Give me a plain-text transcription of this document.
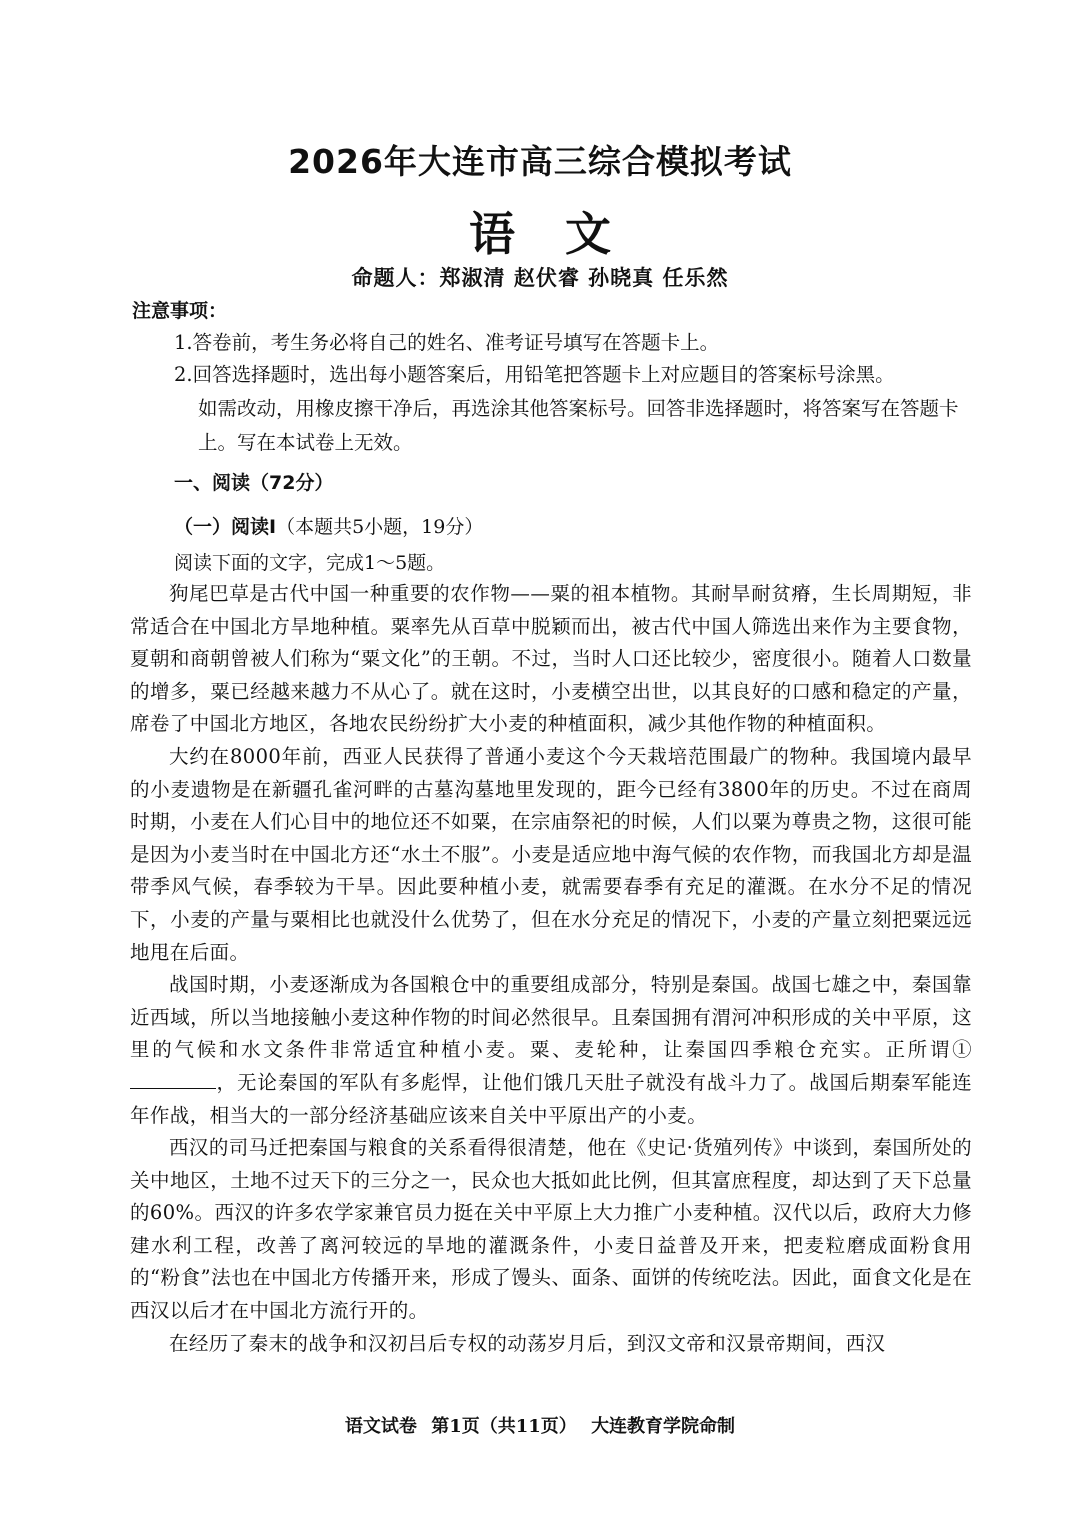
2026年大连市高三综合模拟考试
语文
命题人：郑淑清 赵伏睿 孙晓真 任乐然
注意事项：
1.答卷前，考生务必将自己的姓名、准考证号填写在答题卡上。
2.回答选择题时，选出每小题答案后，用铅笔把答题卡上对应题目的答案标号涂黑。
如需改动，用橡皮擦干净后，再选涂其他答案标号。回答非选择题时，将答案写在答题卡上。写在本试卷上无效。
一、阅读（72分）
（一）阅读Ⅰ（本题共5小题，19分）
阅读下面的文字，完成1～5题。

狗尾巴草是古代中国一种重要的农作物——粟的祖本植物。其耐旱耐贫瘠，生长周期短，非常适合在中国北方旱地种植。粟率先从百草中脱颖而出，被古代中国人筛选出来作为主要食物，夏朝和商朝曾被人们称为“粟文化”的王朝。不过，当时人口还比较少，密度很小。随着人口数量的增多，粟已经越来越力不从心了。就在这时，小麦横空出世，以其良好的口感和稳定的产量，席卷了中国北方地区，各地农民纷纷扩大小麦的种植面积，减少其他作物的种植面积。

大约在8000年前，西亚人民获得了普通小麦这个今天栽培范围最广的物种。我国境内最早的小麦遗物是在新疆孔雀河畔的古墓沟墓地里发现的，距今已经有3800年的历史。不过在商周时期，小麦在人们心目中的地位还不如粟，在宗庙祭祀的时候，人们以粟为尊贵之物，这很可能是因为小麦当时在中国北方还“水土不服”。小麦是适应地中海气候的农作物，而我国北方却是温带季风气候，春季较为干旱。因此要种植小麦，就需要春季有充足的灌溉。在水分不足的情况下，小麦的产量与粟相比也就没什么优势了，但在水分充足的情况下，小麦的产量立刻把粟远远地甩在后面。

战国时期，小麦逐渐成为各国粮仓中的重要组成部分，特别是秦国。战国七雄之中，秦国靠近西域，所以当地接触小麦这种作物的时间必然很早。且秦国拥有渭河冲积形成的关中平原，这里的气候和水文条件非常适宜种植小麦。粟、麦轮种，让秦国四季粮仓充实。正所谓①，无论秦国的军队有多彪悍，让他们饿几天肚子就没有战斗力了。战国后期秦军能连年作战，相当大的一部分经济基础应该来自关中平原出产的小麦。

西汉的司马迁把秦国与粮食的关系看得很清楚，他在《史记·货殖列传》中谈到，秦国所处的关中地区，土地不过天下的三分之一，民众也大抵如此比例，但其富庶程度，却达到了天下总量的60%。西汉的许多农学家兼官员力挺在关中平原上大力推广小麦种植。汉代以后，政府大力修建水利工程，改善了离河较远的旱地的灌溉条件，小麦日益普及开来，把麦粒磨成面粉食用的“粉食”法也在中国北方传播开来，形成了馒头、面条、面饼的传统吃法。因此，面食文化是在西汉以后才在中国北方流行开的。

在经历了秦末的战争和汉初吕后专权的动荡岁月后，到汉文帝和汉景帝期间，西汉

语文试卷 第1页（共11页） 大连教育学院命制
